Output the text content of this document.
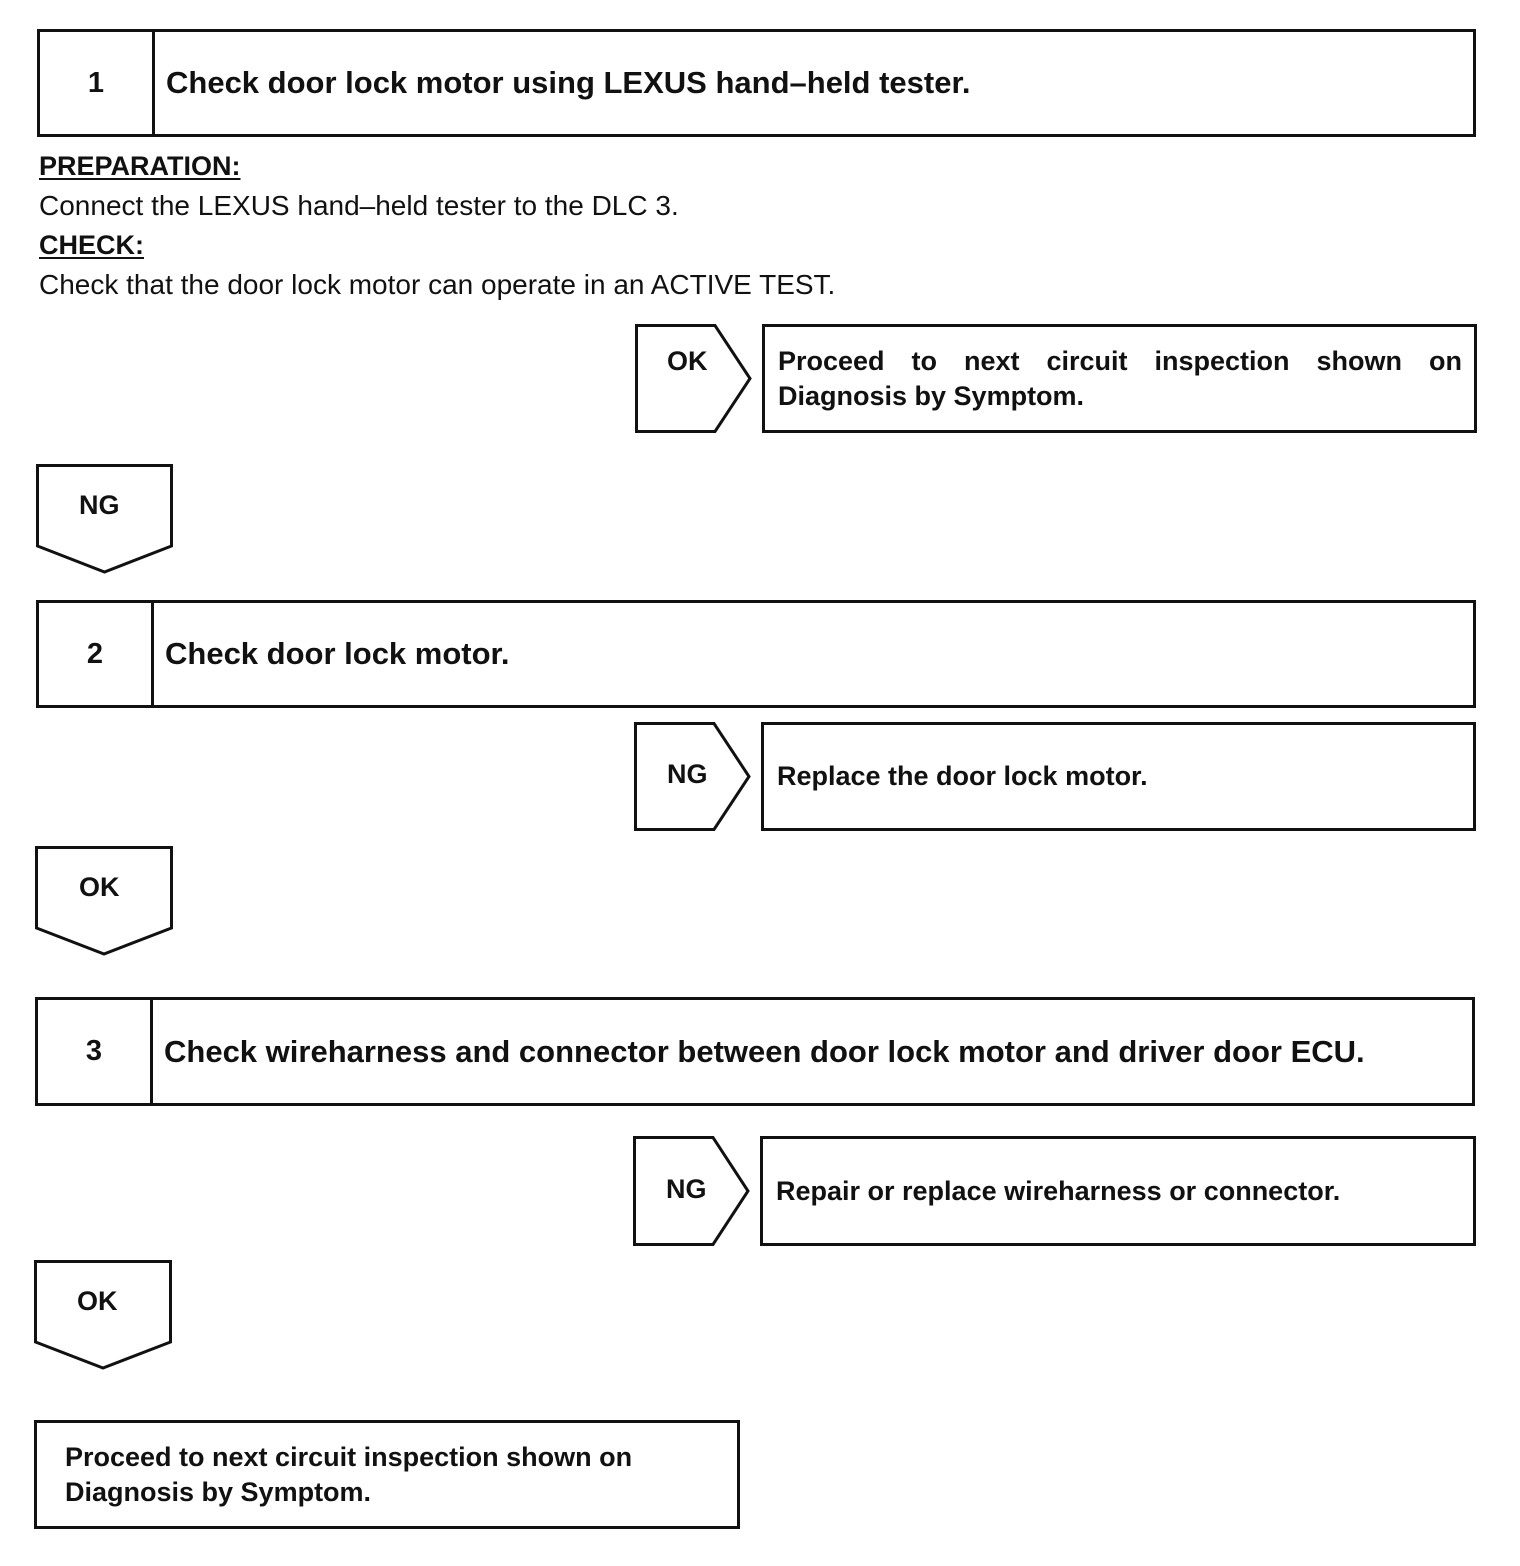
1	Check door lock motor using LEXUS hand–held tester.
PREPARATION:
Connect the LEXUS hand–held tester to the DLC 3.
CHECK:
Check that the door lock motor can operate in an ACTIVE TEST.
OK	Proceed to next circuit inspection shown on Diagnosis by Symptom.
NG
2	Check door lock motor.
NG	Replace the door lock motor.
OK
3	Check wireharness and connector between door lock motor and driver door ECU.
NG	Repair or replace wireharness or connector.
OK
Proceed to next circuit inspection shown on Diagnosis by Symptom.
